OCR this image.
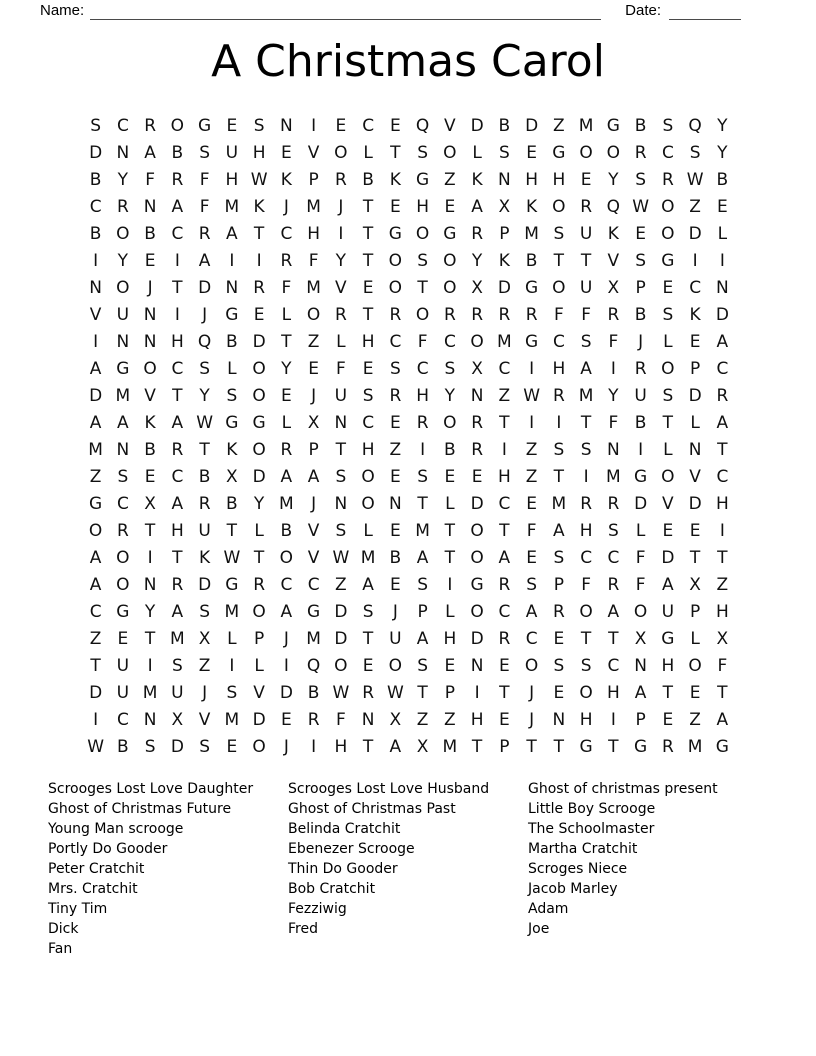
Name:	Date:
A Christmas Carol
S C R O G E S N	I	E C E Q V D B D Z M G B S Q Y
D N A B S U H E V O L	T S O L	S E G O O R C S Y
B Y	F R F H W K P R B K G Z K N H H E Y S R W B
C R N A F M K	J	M	J	T E H E A X K O R Q W O Z E
B O B C R A T C H	I	T G O G R P M S U K E O D L
I	Y E	I	A	I	I	R F	Y T O S O Y K B T T V S G	I	I
N O	J	T D N R F M V E O T O X D G O U X P E C N
V U N	I	J	G E	L O R T R O R R R R F	F R B S K D
I	N N H Q B D T Z L H C F C O M G C S F	J	L	E A
A G O C S	L O Y E F E S C S X C	I	H A	I	R O P C
D M V T Y S O E	J	U S R H Y N Z W R M Y U S D R
A A K A W G G L X N C E R O R T	I	I	T	F B T	L A
M N B R T K O R P T H Z	I	B R	I	Z S S N	I	L N T
Z S E C B X D A A S O E S E E H Z T	I	M G O V C
G C X A R B Y M	J	N O N T	L D C E M R R D V D H
O R T H U T	L B V S	L	E M T O T	F A H S	L	E E	I
A O	I	T K W T O V W M B A T O A E S C C F D T T
A O N R D G R C C Z A E S	I	G R S P	F R F A X Z
C G Y A S M O A G D S	J	P	L O C A R O A O U P H
Z E T M X L	P	J	M D T U A H D R C E T T X G L X
T U	I	S Z	I	L	I	Q O E O S E N E O S S C N H O F
D U M U	J	S V D B W R W T P	I	T	J	E O H A T E T
I	C N X V M D E R F N X Z Z H E	J	N H	I	P E Z A
W B S D S E O	J	I	H T A X M T P T T G T G R M G
Scrooges Lost Love Daughter
Ghost of Christmas Future
Young Man scrooge
Portly Do Gooder
Peter Cratchit
Mrs. Cratchit
Tiny Tim
Dick
Fan
Scrooges Lost Love Husband
Ghost of Christmas Past
Belinda Cratchit
Ebenezer Scrooge
Thin Do Gooder
Bob Cratchit
Fezziwig
Fred
Ghost of christmas present
Little Boy Scrooge
The Schoolmaster
Martha Cratchit
Scroges Niece
Jacob Marley
Adam
Joe
